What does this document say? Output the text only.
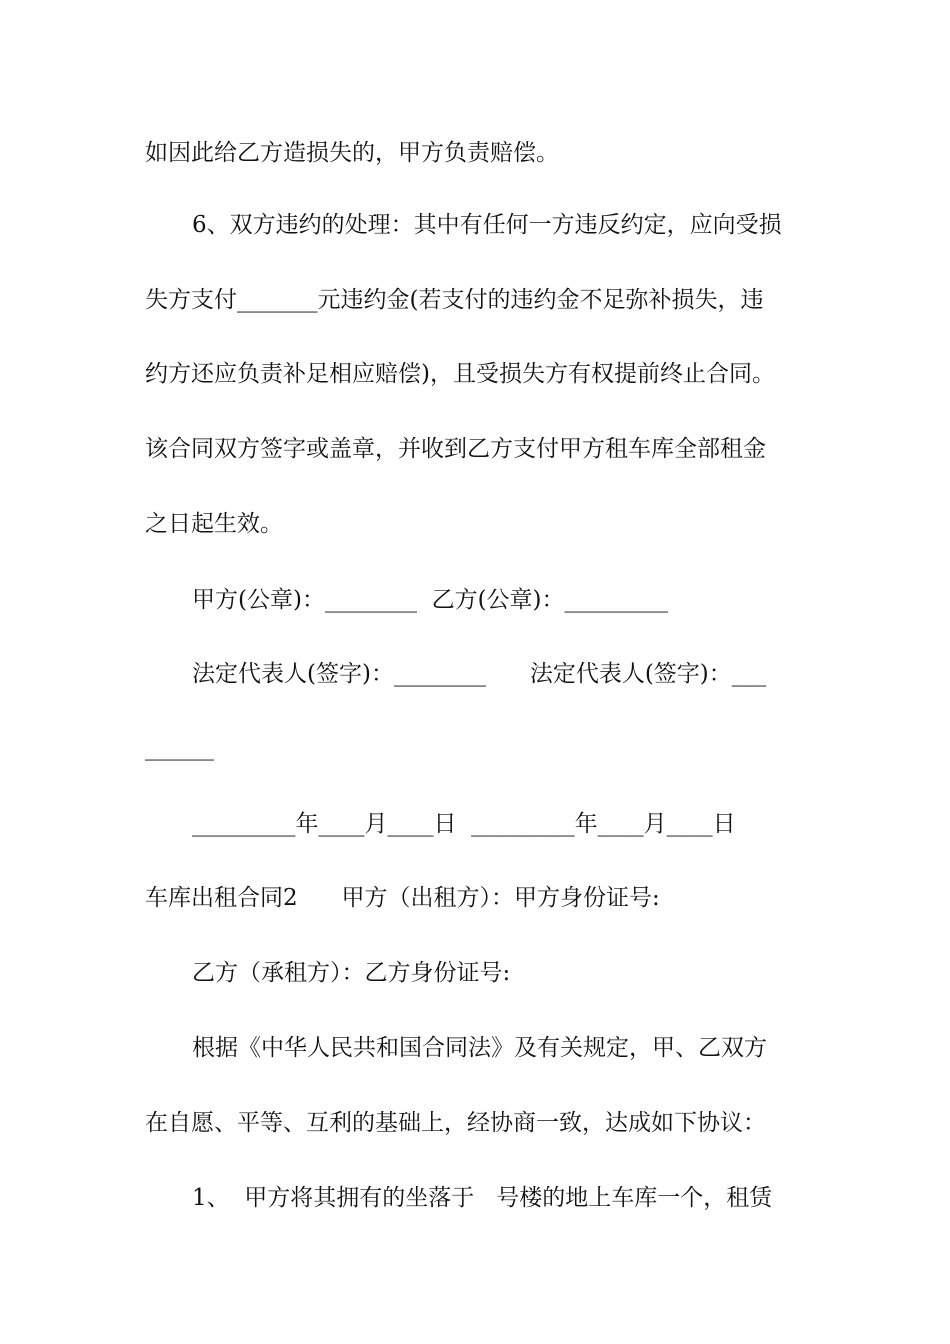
如因此给乙方造损失的，甲方负责赔偿。
6、双方违约的处理：其中有任何一方违反约定，应向受损
失方支付_______元违约金(若支付的违约金不足弥补损失，违
约方还应负责补足相应赔偿)，且受损失方有权提前终止合同。
该合同双方签字或盖章，并收到乙方支付甲方租车库全部租金
之日起生效。
甲方(公章)：________  乙方(公章)：_________
法定代表人(签字)：________      法定代表人(签字)：___
______
_________年____月____日  _________年____月____日
车库出租合同2      甲方（出租方）：甲方身份证号:
乙方（承租方）：乙方身份证号:
根据《中华人民共和国合同法》及有关规定，甲、乙双方
在自愿、平等、互利的基础上，经协商一致，达成如下协议：
1、  甲方将其拥有的坐落于   号楼的地上车库一个，租赁
